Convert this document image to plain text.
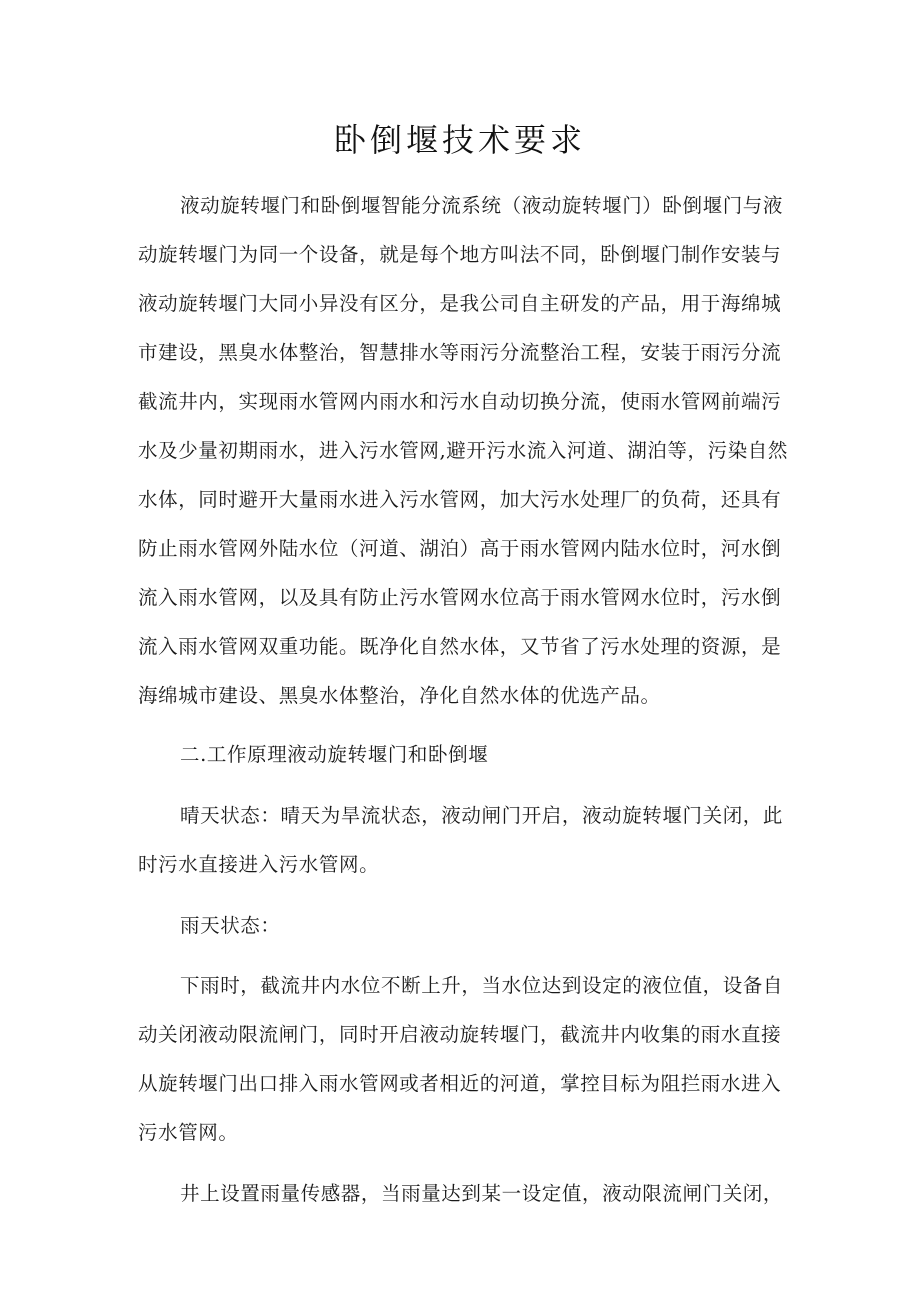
卧倒堰技术要求
液动旋转堰门和卧倒堰智能分流系统（液动旋转堰门）卧倒堰门与液
动旋转堰门为同一个设备，就是每个地方叫法不同，卧倒堰门制作安装与
液动旋转堰门大同小异没有区分，是我公司自主研发的产品，用于海绵城
市建设，黑臭水体整治，智慧排水等雨污分流整治工程，安装于雨污分流
截流井内，实现雨水管网内雨水和污水自动切换分流，使雨水管网前端污
水及少量初期雨水，进入污水管网,避开污水流入河道、湖泊等，污染自然
水体，同时避开大量雨水进入污水管网，加大污水处理厂的负荷，还具有
防止雨水管网外陆水位（河道、湖泊）高于雨水管网内陆水位时，河水倒
流入雨水管网，以及具有防止污水管网水位高于雨水管网水位时，污水倒
流入雨水管网双重功能。既净化自然水体，又节省了污水处理的资源，是
海绵城市建设、黑臭水体整治，净化自然水体的优选产品。
二.工作原理液动旋转堰门和卧倒堰
晴天状态：晴天为旱流状态，液动闸门开启，液动旋转堰门关闭，此
时污水直接进入污水管网。
雨天状态：
下雨时，截流井内水位不断上升，当水位达到设定的液位值，设备自
动关闭液动限流闸门，同时开启液动旋转堰门，截流井内收集的雨水直接
从旋转堰门出口排入雨水管网或者相近的河道，掌控目标为阻拦雨水进入
污水管网。
井上设置雨量传感器，当雨量达到某一设定值，液动限流闸门关闭，
